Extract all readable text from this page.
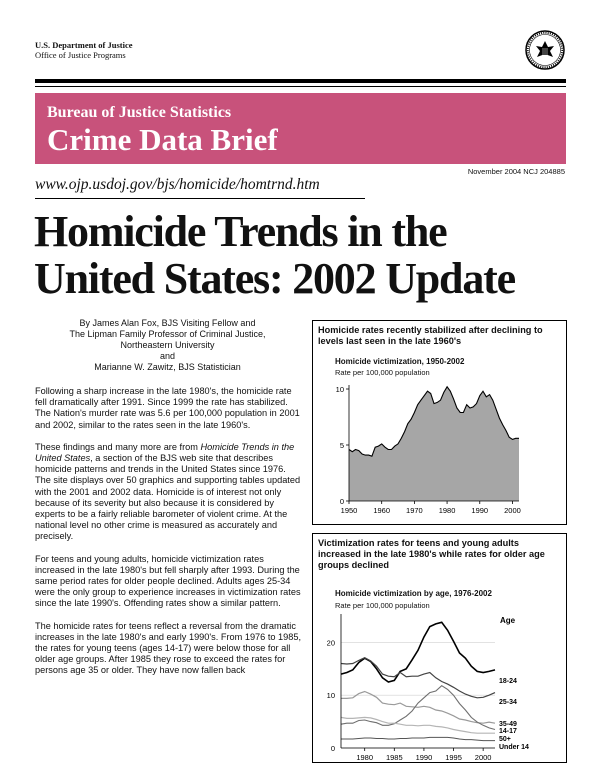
U.S. Department of Justice
Office of Justice Programs
Bureau of Justice Statistics
Crime Data Brief
November 2004 NCJ 204885
www.ojp.usdoj.gov/bjs/homicide/homtrnd.htm
Homicide Trends in the
United States: 2002 Update
By James Alan Fox, BJS Visiting Fellow and
The Lipman Family Professor of Criminal Justice,
Northeastern University
and
Marianne W. Zawitz, BJS Statistician

Following a sharp increase in the late 1980's, the homicide rate fell dramatically after 1991. Since 1999 the rate has stabilized. The Nation's murder rate was 5.6 per 100,000 population in 2001 and 2002, similar to the rates seen in the late 1960's.

These findings and many more are from Homicide Trends in the United States, a section of the BJS web site that describes homicide patterns and trends in the United States since 1976. The site displays over 50 graphics and supporting tables updated with the 2001 and 2002 data. Homicide is of interest not only because of its severity but also because it is considered by experts to be a fairly reliable barometer of violent crime. At the national level no other crime is measured as accurately and precisely.

For teens and young adults, homicide victimization rates increased in the late 1980's but fell sharply after 1993. During the same period rates for older people declined. Adults ages 25-34 were the only group to experience increases in victimization rates since the late 1990's. Offending rates show a similar pattern.

The homicide rates for teens reflect a reversal from the dramatic increases in the late 1980's and early 1990's. From 1976 to 1985, the rates for young teens (ages 14-17) were below those for all older age groups. After 1985 they rose to exceed the rates for persons age 35 or older. They have now fallen back

Homicide rates recently stabilized after declining to levels last seen in the late 1960's
Homicide victimization, 1950-2002
Rate per 100,000 population
0
5
10
1950 1960 1970 1980 1990 2000
Victimization rates for teens and young adults increased in the late 1980's while rates for older age groups declined
Homicide victimization by age, 1976-2002
Rate per 100,000 population
0
10
20
1980 1985 1990 1995 2000
Age
18-24
25-34
35-49
14-17
50+
Under 14
